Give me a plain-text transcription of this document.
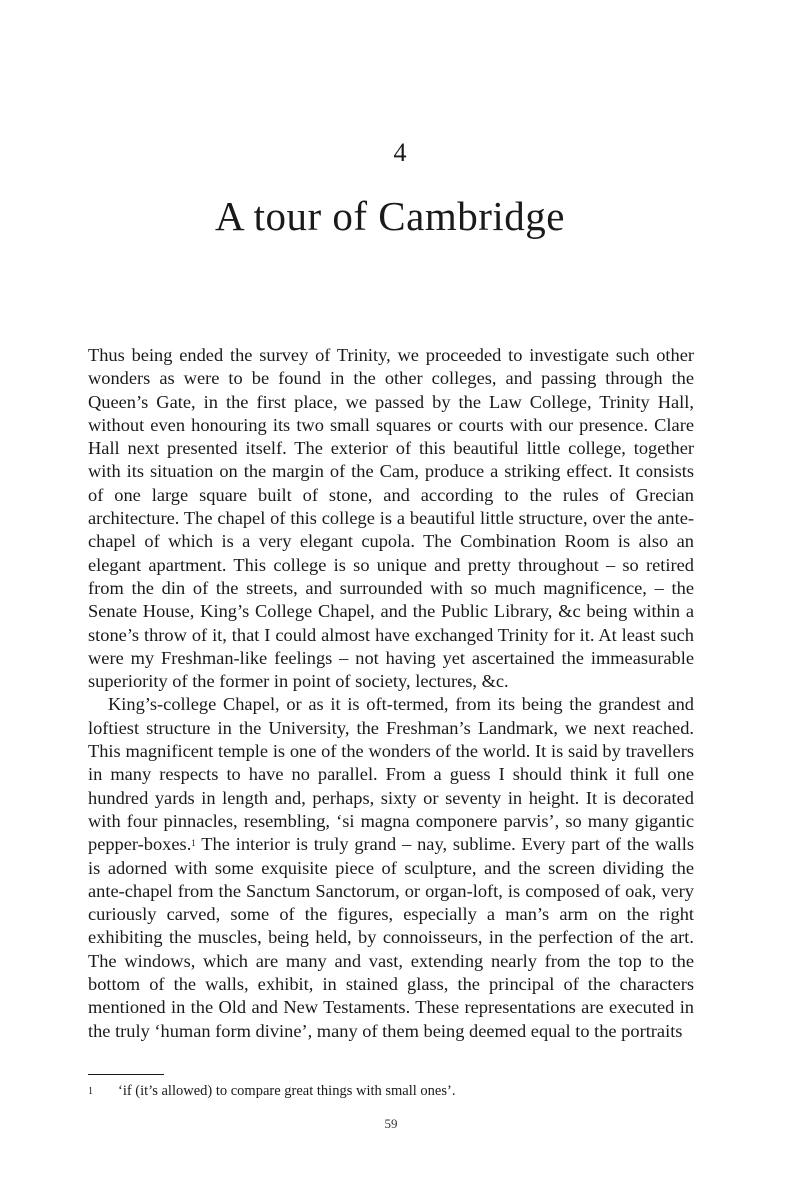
4
A tour of Cambridge

Thus being ended the survey of Trinity, we proceeded to investigate such other wonders as were to be found in the other colleges, and passing through the Queen’s Gate, in the first place, we passed by the Law College, Trinity Hall, without even honouring its two small squares or courts with our presence. Clare Hall next presented itself. The exterior of this beautiful little college, together with its situation on the margin of the Cam, produce a striking effect. It consists of one large square built of stone, and according to the rules of Grecian architecture. The chapel of this college is a beautiful little structure, over the ante-chapel of which is a very elegant cupola. The Combination Room is also an elegant apartment. This college is so unique and pretty throughout – so retired from the din of the streets, and surrounded with so much magnificence, – the Senate House, King’s College Chapel, and the Public Library, &c being within a stone’s throw of it, that I could almost have exchanged Trinity for it. At least such were my Freshman-like feelings – not having yet ascertained the immeasurable superiority of the former in point of society, lectures, &c.

King’s-college Chapel, or as it is oft-termed, from its being the grandest and loftiest structure in the University, the Freshman’s Landmark, we next reached. This magnificent temple is one of the wonders of the world. It is said by travellers in many respects to have no parallel. From a guess I should think it full one hundred yards in length and, perhaps, sixty or seventy in height. It is decorated with four pinnacles, resembling, ‘si magna componere parvis’, so many gigantic pepper-boxes.$^1$ The interior is truly grand – nay, sublime. Every part of the walls is adorned with some exquisite piece of sculpture, and the screen dividing the ante-chapel from the Sanctum Sanctorum, or organ-loft, is composed of oak, very curiously carved, some of the figures, especially a man’s arm on the right exhibiting the muscles, being held, by connoisseurs, in the perfection of the art. The windows, which are many and vast, extending nearly from the top to the bottom of the walls, exhibit, in stained glass, the principal of the characters mentioned in the Old and New Testaments. These representations are executed in the truly ‘human form divine’, many of them being deemed equal to the portraits

1 ‘if (it’s allowed) to compare great things with small ones’.
59
